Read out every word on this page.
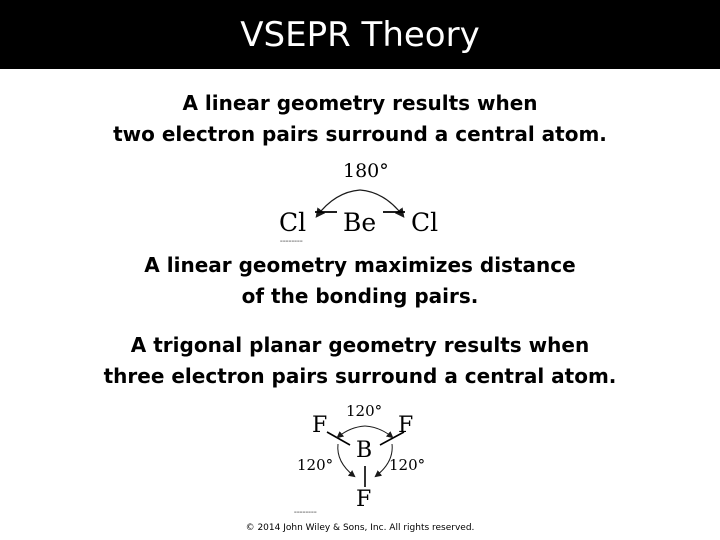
VSEPR Theory

A linear geometry results when
two electron pairs surround a central atom.

180°
Cl Be Cl
▬▬▬▬▬▬▬▬

A linear geometry maximizes distance
of the bonding pairs.

A trigonal planar geometry results when
three electron pairs surround a central atom.

120°
F	F
B
120°	120°
F
▬▬▬▬▬▬▬▬
© 2014 John Wiley & Sons, Inc. All rights reserved.
